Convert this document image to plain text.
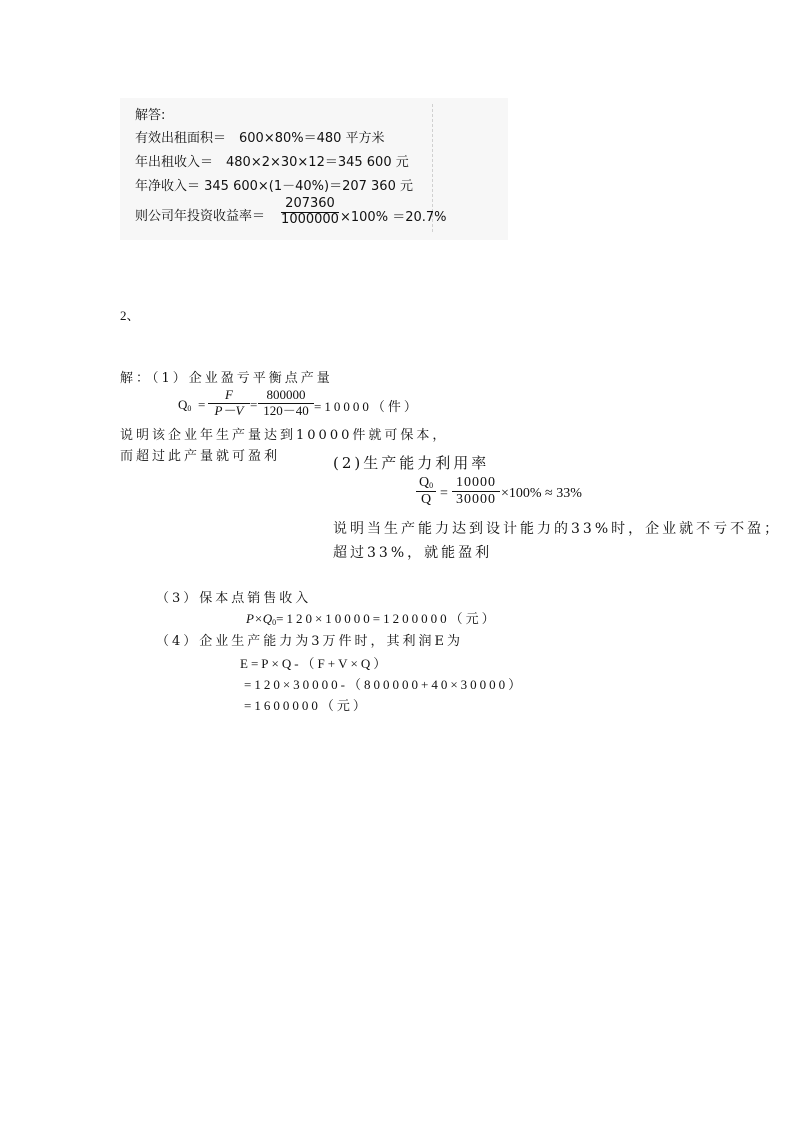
解答:
有效出租面积＝　600×80%＝480 平方米
年出租收入＝　480×2×30×12＝345 600 元
年净收入＝ 345 600×(1－40%)＝207 360 元
则公司年投资收益率＝
207360
1000000 ×100% ＝20.7%
2、
解：（1）企业盈亏平衡点产量
$Q_0$ =
F
P－V =
800000
120－40 =10000（件）
说明该企业年生产量达到10000件就可保本，
而超过此产量就可盈利	(2)生产能力利用率
$Q_0$
Q =
10000
30000 ×100% ≈ 33%
说明当生产能力达到设计能力的33%时，企业就不亏不盈；
超过33%，就能盈利
（3）保本点销售收入
$P\times Q_0=120\times 10000=1200000$（元）
（4）企业生产能力为3万件时，其利润E为
E=P×Q-（F+V×Q）
=120×30000-（800000+40×30000）
=1600000（元）
